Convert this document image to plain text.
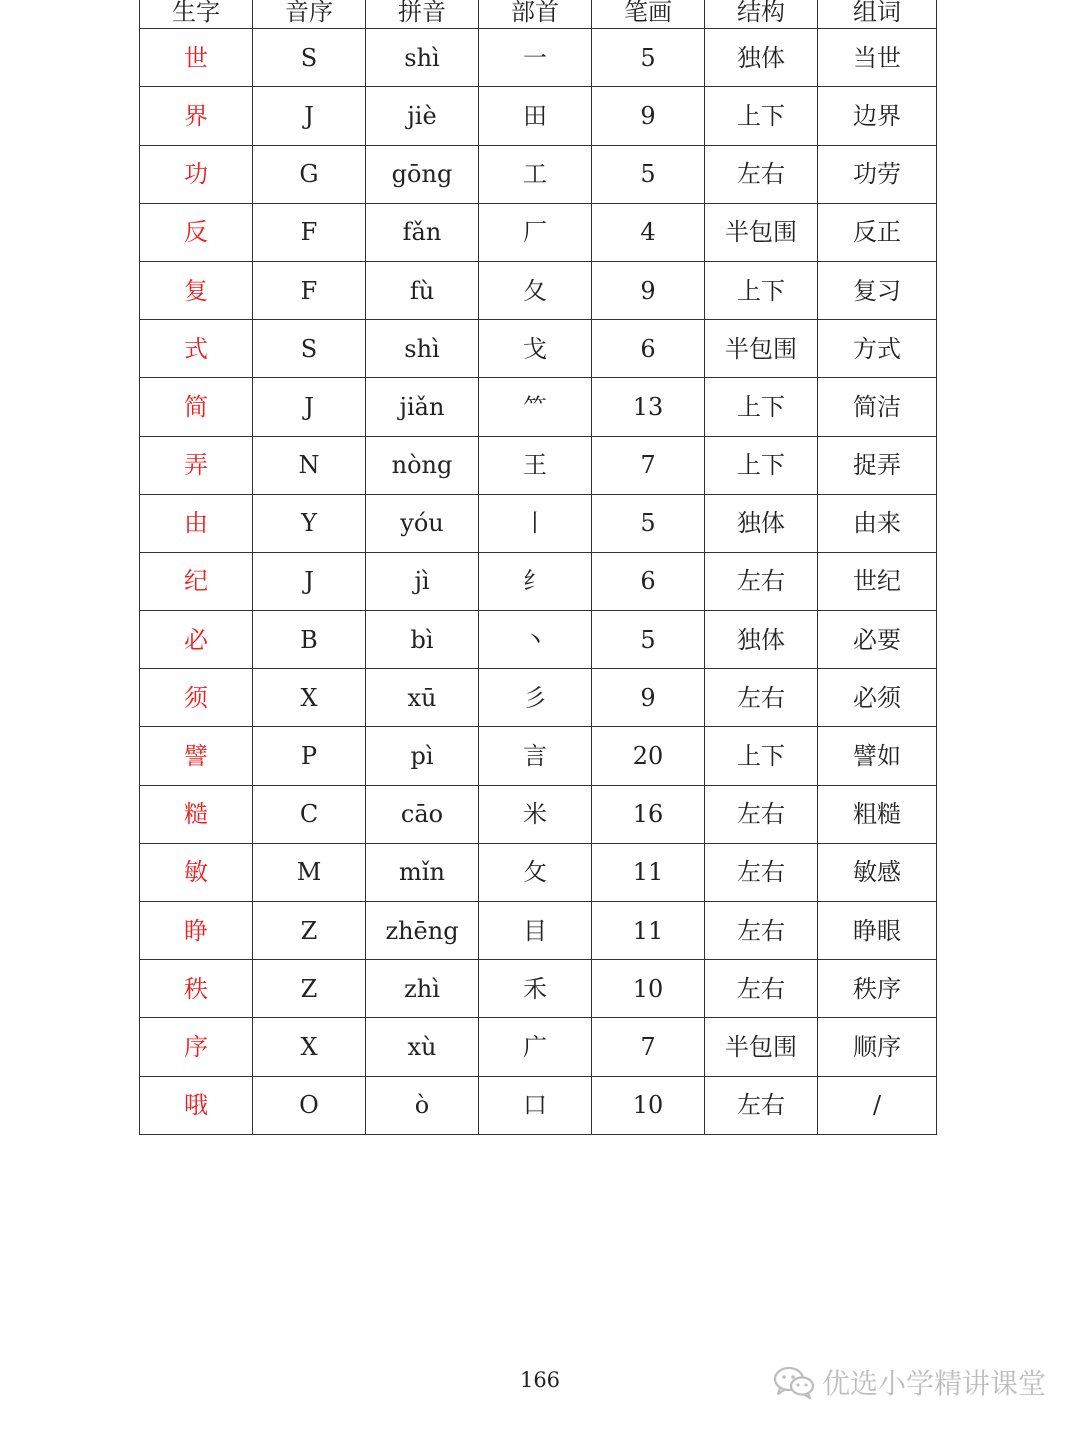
生字	音序	拼音	部首	笔画	结构	组词
世	S	shì	一	5	独体	当世
界	J	jiè	田	9	上下	边界
功	G	gōng	工	5	左右	功劳
反	F	fǎn	厂	4	半包围	反正
复	F	fù	夂	9	上下	复习
式	S	shì	戈	6	半包围	方式
简	J	jiǎn	⺮	13	上下	简洁
弄	N	nòng	王	7	上下	捉弄
由	Y	yóu	丨	5	独体	由来
纪	J	jì	纟	6	左右	世纪
必	B	bì	丶	5	独体	必要
须	X	xū	彡	9	左右	必须
譬	P	pì	言	20	上下	譬如
糙	C	cāo	米	16	左右	粗糙
敏	M	mǐn	攵	11	左右	敏感
睁	Z	zhēng	目	11	左右	睁眼
秩	Z	zhì	禾	10	左右	秩序
序	X	xù	广	7	半包围	顺序
哦	O	ò	口	10	左右	/
166	优选小学精讲课堂
